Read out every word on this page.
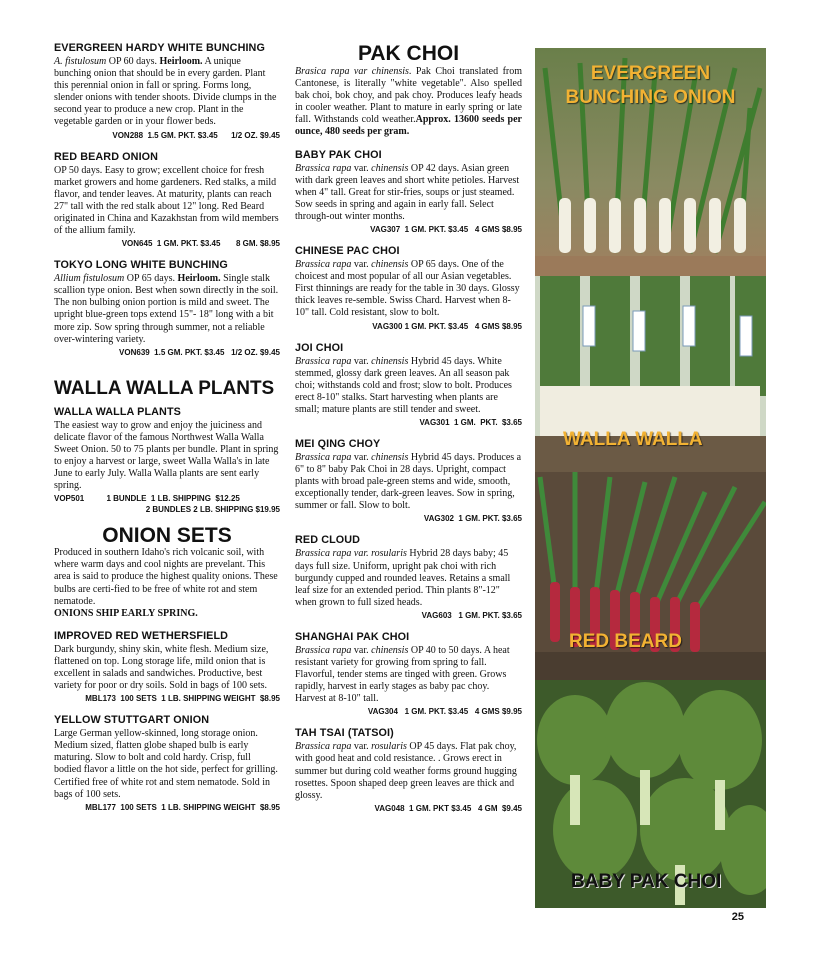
EVERGREEN HARDY WHITE BUNCHING

A. fistulosum OP 60 days. Heirloom. A unique bunching onion that should be in every garden. Plant this perennial onion in fall or spring. Forms long, slender onions with tender shoots. Divide clumps in the second year to produce a new crop. Plant in the vegetable garden or in your flower beds.

VON288  1.5 GM. PKT. $3.45      1/2 OZ. $9.45

RED BEARD ONION

OP 50 days. Easy to grow; excellent choice for fresh market growers and home gardeners. Red stalks, a mild flavor, and tender leaves. At maturity, plants can reach 27" tall with the red stalk about 12" long. Red Beard originated in China and Kazakhstan from wild members of the allium family.

VON645  1 GM. PKT. $3.45       8 GM. $8.95

TOKYO LONG WHITE BUNCHING

Allium fistulosum OP 65 days. Heirloom. Single stalk scallion type onion. Best when sown directly in the soil. The non bulbing onion portion is mild and sweet. The upright blue-green tops extend 15"- 18" long with a bit more zip. Sow spring through summer, not a reliable over-wintering variety.

VON639  1.5 GM. PKT. $3.45   1/2 OZ. $9.45

WALLA WALLA PLANTS

WALLA WALLA PLANTS

The easiest way to grow and enjoy the juiciness and delicate flavor of the famous Northwest Walla Walla Sweet Onion. 50 to 75 plants per bundle. Plant in spring to enjoy a harvest or large, sweet Walla Walla's in late June to early July. Walla Walla plants are sent early spring.

VOP501          1 BUNDLE  1 LB. SHIPPING  $12.25

2 BUNDLES 2 LB. SHIPPING $19.95

ONION SETS

Produced in southern Idaho's rich volcanic soil, with where warm days and cool nights are prevelant. This area is said to produce the highest quality onions. These bulbs are certi-fied to be free of white rot and stem nematode.

ONIONS SHIP EARLY SPRING.

IMPROVED RED WETHERSFIELD

Dark burgundy, shiny skin, white flesh. Medium size, flattened on top. Long storage life, mild onion that is excellent in salads and sandwiches. Productive, best variety for poor or dry soils. Sold in bags of 100 sets.

MBL173  100 SETS  1 LB. SHIPPING WEIGHT  $8.95

YELLOW STUTTGART ONION

Large German yellow-skinned, long storage onion. Medium sized, flatten globe shaped bulb is early maturing. Slow to bolt and cold hardy. Crisp, full bodied flavor a little on the hot side, perfect for grilling. Certified free of white rot and stem nematode. Sold in bags of 100 sets.

MBL177  100 SETS  1 LB. SHIPPING WEIGHT  $8.95

PAK CHOI

Brasica rapa var chinensis. Pak Choi translated from Cantonese, is literally "white vegetable". Also spelled bak choi, bok choy, and pak choy. Produces leafy heads in cooler weather. Plant to mature in early spring or late fall. Withstands cold weather.Approx. 13600 seeds per ounce, 480 seeds per gram.

BABY PAK CHOI

Brassica rapa var. chinensis OP 42 days. Asian green with dark green leaves and short white petioles. Harvest when 4" tall. Great for stir-fries, soups or just steamed. Sow seeds in spring and again in early fall. Select through-out winter months.

VAG307  1 GM. PKT. $3.45   4 GMS $8.95

CHINESE PAC CHOI

Brassica rapa var. chinensis OP 65 days. One of the choicest and most popular of all our Asian vegetables. First thinnings are ready for the table in 30 days. Glossy thick leaves re-semble. Swiss Chard. Harvest when 8-10" tall. Cold resistant, slow to bolt.

VAG300 1 GM. PKT. $3.45   4 GMS $8.95

JOI CHOI

Brassica rapa var. chinensis Hybrid 45 days. White stemmed, glossy dark green leaves. An all season pak choi; withstands cold and frost; slow to bolt. Produces erect 8-10" stalks. Start harvesting when plants are small; mature plants are still tender and sweet.

VAG301  1 GM.  PKT.  $3.65

MEI QING CHOY

Brassica rapa var. chinensis Hybrid 45 days. Produces a 6" to 8" baby Pak Choi in 28 days. Upright, compact plants with broad pale-green stems and wide, smooth, exceptionally tender, dark-green leaves. Sow in spring, summer or fall. Slow to bolt.

VAG302  1 GM. PKT. $3.65

RED CLOUD

Brassica rapa var. rosularis Hybrid 28 days baby; 45 days full size. Uniform, upright pak choi with rich burgundy cupped and rounded leaves. Retains a small leaf size for an extended period. Thin plants 8"-12" when grown to full sized heads.

VAG603   1 GM. PKT. $3.65

SHANGHAI PAK CHOI

Brassica rapa var. chinensis OP 40 to 50 days. A heat resistant variety for growing from spring to fall. Flavorful, tender stems are tinged with green. Grows rapidly, harvest in early stages as baby pac choy. Harvest at 8-10" tall.

VAG304   1 GM. PKT. $3.45   4 GMS $9.95

TAH TSAI (TATSOI)

Brassica rapa var. rosularis OP 45 days. Flat pak choy, with good heat and cold resistance. . Grows erect in summer but during cold weather forms ground hugging rosettes. Spoon shaped deep green leaves are thick and glossy.

VAG048  1 GM. PKT $3.45   4 GM  $9.45

EVERGREEN
BUNCHING ONION
WALLA WALLA
RED BEARD
BABY PAK CHOI
25
